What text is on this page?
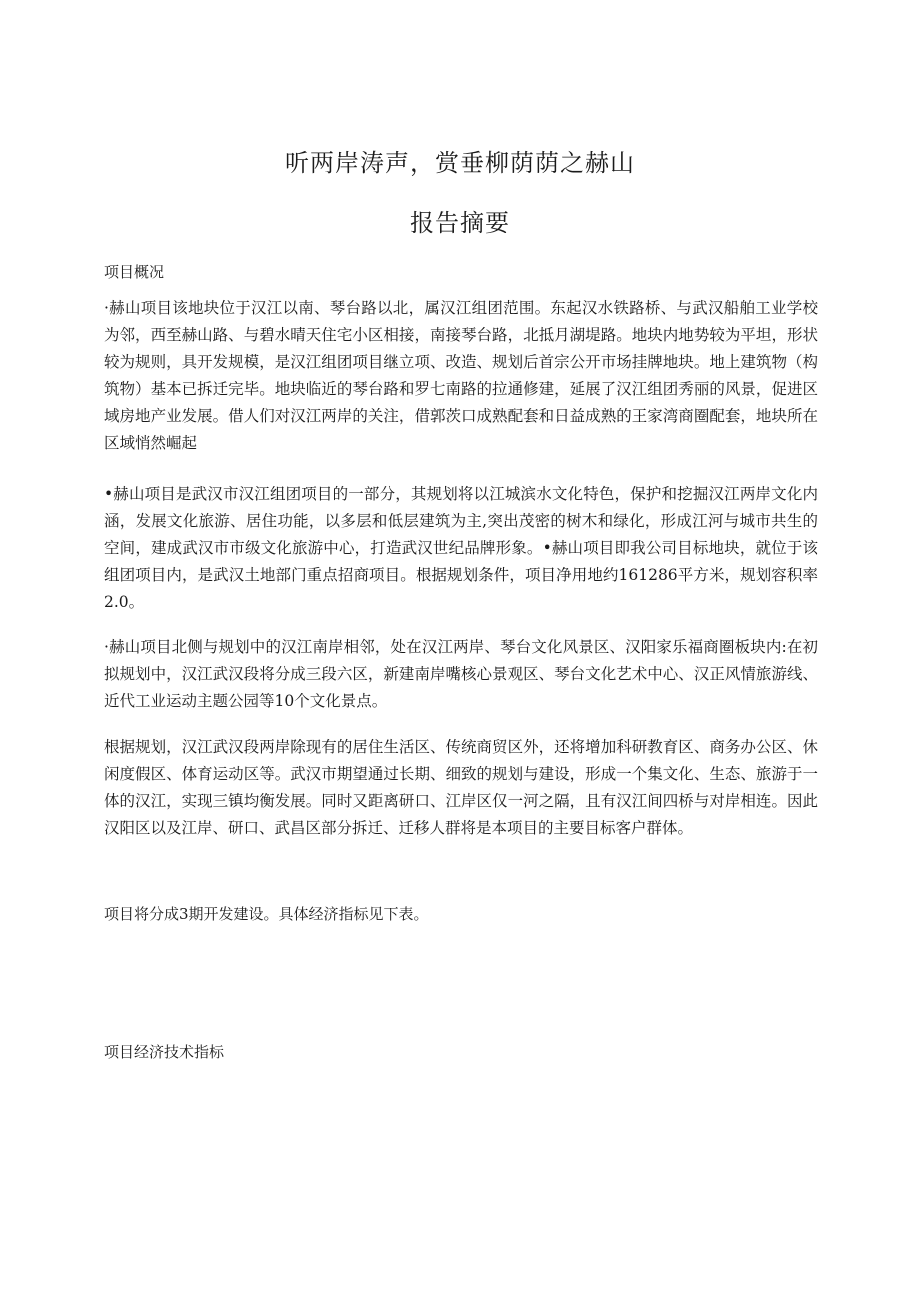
听两岸涛声，赏垂柳荫荫之赫山
报告摘要
项目概况
·赫山项目该地块位于汉江以南、琴台路以北，属汉江组团范围。东起汉水铁路桥、与武汉船舶工业学校为邻，西至赫山路、与碧水晴天住宅小区相接，南接琴台路，北抵月湖堤路。地块内地势较为平坦，形状较为规则，具开发规模，是汉江组团项目继立项、改造、规划后首宗公开市场挂牌地块。地上建筑物（构筑物）基本已拆迁完毕。地块临近的琴台路和罗七南路的拉通修建，延展了汉江组团秀丽的风景，促进区域房地产业发展。借人们对汉江两岸的关注，借郭茨口成熟配套和日益成熟的王家湾商圈配套，地块所在区域悄然崛起
•赫山项目是武汉市汉江组团项目的一部分，其规划将以江城滨水文化特色，保护和挖掘汉江两岸文化内涵，发展文化旅游、居住功能，以多层和低层建筑为主,突出茂密的树木和绿化，形成江河与城市共生的空间，建成武汉市市级文化旅游中心，打造武汉世纪品牌形象。•赫山项目即我公司目标地块，就位于该组团项目内，是武汉土地部门重点招商项目。根据规划条件，项目净用地约161286平方米，规划容积率2.0。
·赫山项目北侧与规划中的汉江南岸相邻，处在汉江两岸、琴台文化风景区、汉阳家乐福商圈板块内:在初拟规划中，汉江武汉段将分成三段六区，新建南岸嘴核心景观区、琴台文化艺术中心、汉正风情旅游线、近代工业运动主题公园等10个文化景点。
根据规划，汉江武汉段两岸除现有的居住生活区、传统商贸区外，还将增加科研教育区、商务办公区、休闲度假区、体育运动区等。武汉市期望通过长期、细致的规划与建设，形成一个集文化、生态、旅游于一体的汉江，实现三镇均衡发展。同时又距离研口、江岸区仅一河之隔，且有汉江间四桥与对岸相连。因此汉阳区以及江岸、研口、武昌区部分拆迁、迁移人群将是本项目的主要目标客户群体。
项目将分成3期开发建设。具体经济指标见下表。
项目经济技术指标
